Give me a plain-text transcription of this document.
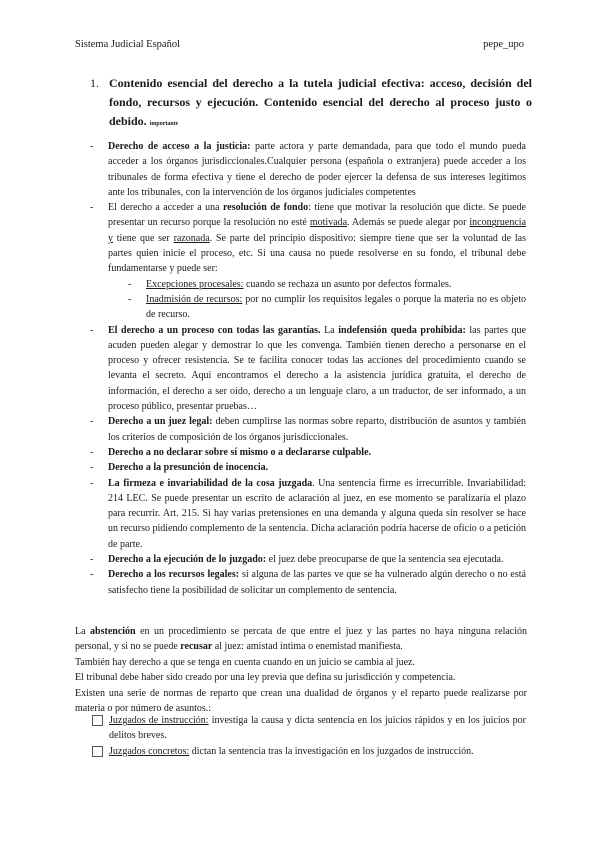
Sistema Judicial Español	pepe_upo
1. Contenido esencial del derecho a la tutela judicial efectiva: acceso, decisión del fondo, recursos y ejecución. Contenido esencial del derecho al proceso justo o debido. importante
- Derecho de acceso a la justicia: parte actora y parte demandada, para que todo el mundo pueda acceder a los órganos jurisdiccionales.Cualquier persona (española o extranjera) puede acceder a los tribunales de forma efectiva y tiene el derecho de poder ejercer la defensa de sus intereses legítimos ante los tribunales, con la intervención de los órganos judiciales competentes
- El derecho a acceder a una resolución de fondo: tiene que motivar la resolución que dicte. Se puede presentar un recurso porque la resolución no esté motivada. Además se puede alegar por incongruencia y tiene que ser razonada. Se parte del principio dispositivo: siempre tiene que ser la voluntad de las partes quien inicie el proceso, etc. Si una causa no puede resolverse en su fondo, el tribunal debe fundamentarse y puede ser:
- Excepciones procesales: cuando se rechaza un asunto por defectos formales.
- Inadmisión de recursos: por no cumplir los requisitos legales o porque la materia no es objeto de recurso.
- El derecho a un proceso con todas las garantías. La indefensión queda prohibida: las partes que acuden pueden alegar y demostrar lo que les convenga. También tienen derecho a personarse en el proceso y ofrecer resistencia. Se te facilita conocer todas las acciones del procedimiento cuando se levanta el secreto. Aquí encontramos el derecho a la asistencia jurídica gratuita, el derecho de información, el derecho a ser oído, derecho a un lenguaje claro, a un traductor, de ser informado, a un proceso público, presentar pruebas…
- Derecho a un juez legal: deben cumplirse las normas sobre reparto, distribución de asuntos y también los criterios de composición de los órganos jurisdiccionales.
- Derecho a no declarar sobre sí mismo o a declararse culpable.
- Derecho a la presunción de inocencia.
- La firmeza e invariabilidad de la cosa juzgada. Una sentencia firme es irrecurrible. Invariabilidad: 214 LEC. Se puede presentar un escrito de aclaración al juez, en ese momento se paralizaría el plazo para recurrir. Art. 215. Si hay varias pretensiones en una demanda y alguna queda sin resolver se hace un recurso pidiendo complemento de la sentencia. Dicha aclaración podría hacerse de oficio o a petición de parte.
- Derecho a la ejecución de lo juzgado: el juez debe preocuparse de que la sentencia sea ejecutada.
- Derecho a los recursos legales: si alguna de las partes ve que se ha vulnerado algún derecho o no está satisfecho tiene la posibilidad de solicitar un complemento de sentencia.

La abstención en un procedimiento se percata de que entre el juez y las partes no haya ninguna relación personal, y si no se puede recusar al juez: amistad íntima o enemistad manifiesta.

También hay derecho a que se tenga en cuenta cuando en un juicio se cambia al juez.

El tribunal debe haber sido creado por una ley previa que defina su jurisdicción y competencia.

Existen una serie de normas de reparto que crean una dualidad de órganos y el reparto puede realizarse por materia o por número de asuntos.:

Juzgados de instrucción: investiga la causa y dicta sentencia en los juicios rápidos y en los juicios por delitos breves.
Juzgados concretos: dictan la sentencia tras la investigación en los juzgados de instrucción.
